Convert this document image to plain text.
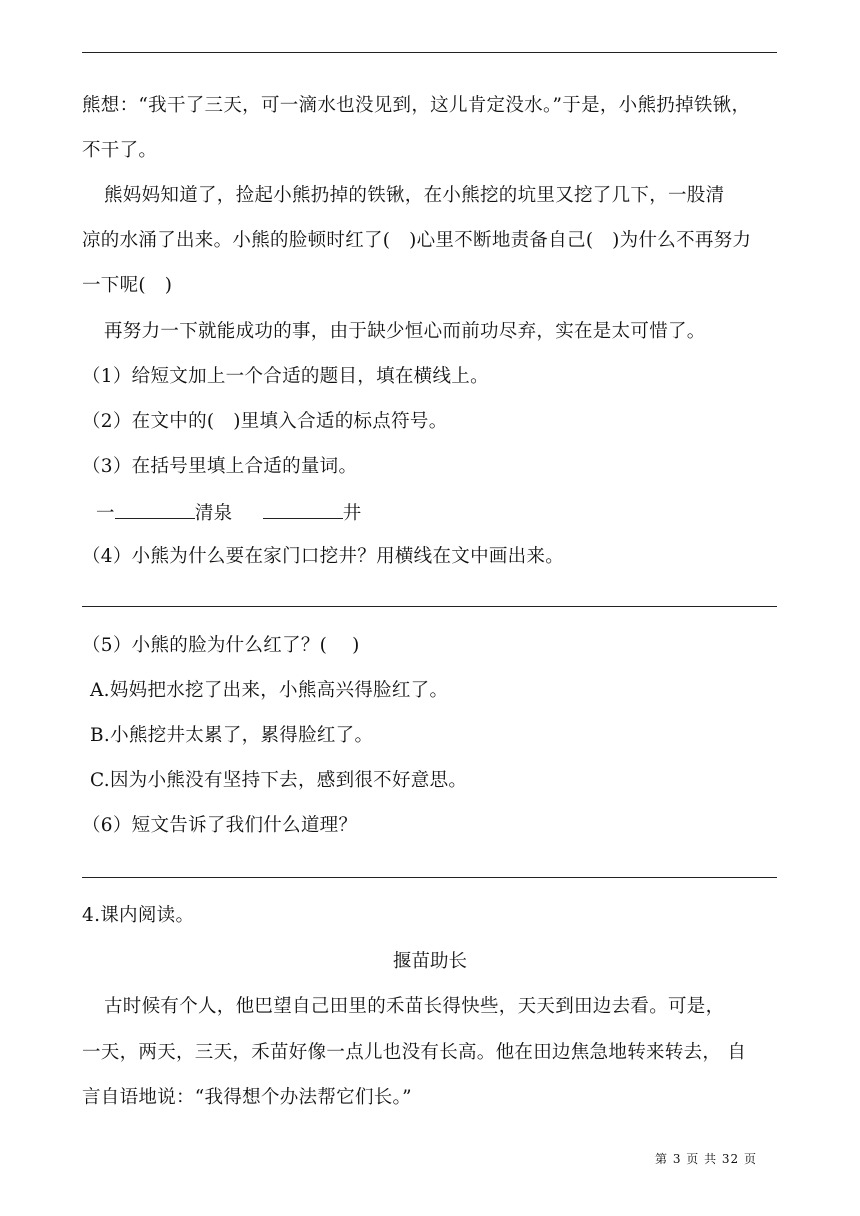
熊想：“我干了三天，可一滴水也没见到，这儿肯定没水。”于是，小熊扔掉铁锹，
不干了。
熊妈妈知道了，捡起小熊扔掉的铁锹，在小熊挖的坑里又挖了几下，一股清
凉的水涌了出来。小熊的脸顿时红了(　)心里不断地责备自己(　)为什么不再努力
一下呢(　)
再努力一下就能成功的事，由于缺少恒心而前功尽弃，实在是太可惜了。
（1）给短文加上一个合适的题目，填在横线上。
（2）在文中的(　)里填入合适的标点符号。
（3）在括号里填上合适的量词。
一	清泉	井
（4）小熊为什么要在家门口挖井？用横线在文中画出来。
（5）小熊的脸为什么红了？(　 )
A.妈妈把水挖了出来，小熊高兴得脸红了。
B.小熊挖井太累了，累得脸红了。
C.因为小熊没有坚持下去，感到很不好意思。
（6）短文告诉了我们什么道理？
4.课内阅读。
揠苗助长
古时候有个人，他巴望自己田里的禾苗长得快些，天天到田边去看。可是，
一天，两天，三天，禾苗好像一点儿也没有长高。他在田边焦急地转来转去， 自
言自语地说：“我得想个办法帮它们长。”
第 3 页 共 32 页
